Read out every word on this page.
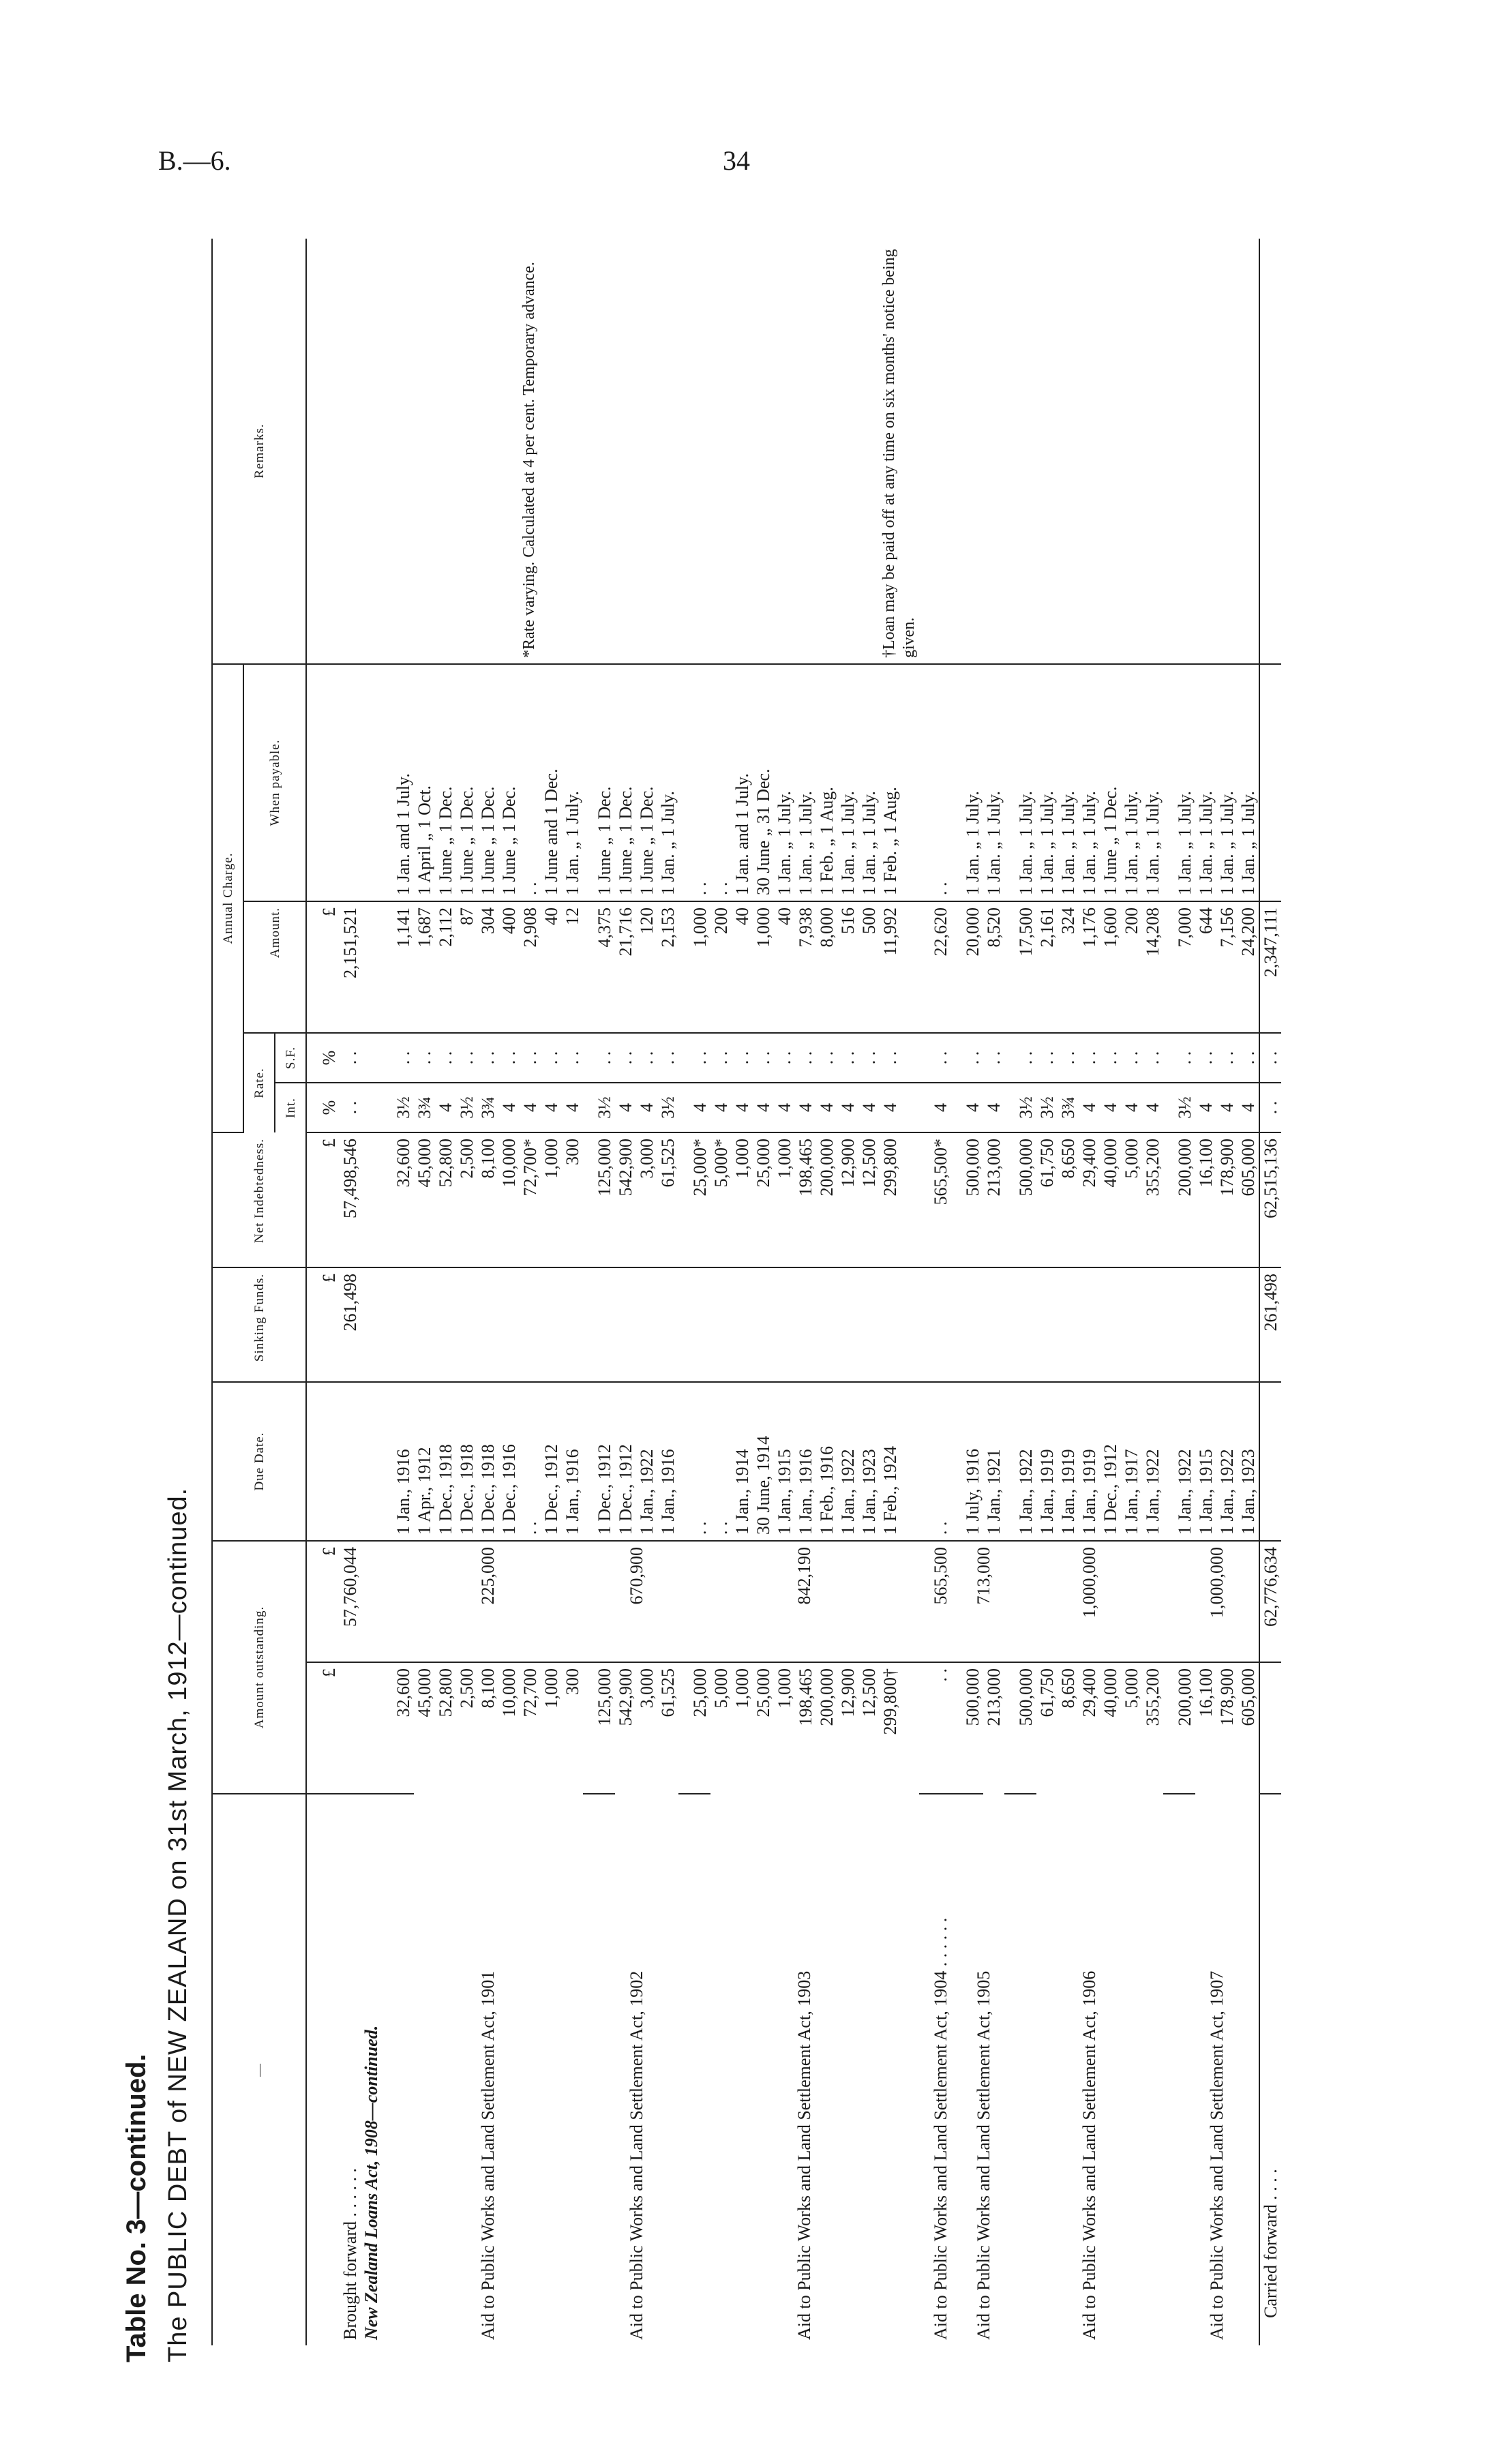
B.—6.	34
Table No. 3—continued. The PUBLIC DEBT of NEW ZEALAND on 31st March, 1912—continued.	—	Amount outstanding.		Due Date.	Sinking Funds.	Net Indebtedness.	Annual Charge.				Remarks.
						Rate.		Amount.	When payable.	
						Int.	S.F.			
	£	£		£	£	%	%	£		
Brought forward . . . . . .		57,760,044		261,498	57,498,546	. .	. .	2,151,521		
New Zealand Loans Act, 1908—continued.										

Aid to Public Works and Land Settlement Act, 1901	32,600	225,000	1 Jan., 1916		32,600	3½	. .	1,141	1 Jan. and 1 July.	
	45,000		1 Apr., 1912		45,000	3¾	. .	1,687	1 April „ 1 Oct.	
	52,800		1 Dec., 1918		52,800	4	. .	2,112	1 June „ 1 Dec.	
	2,500		1 Dec., 1918		2,500	3½	. .	87	1 June „ 1 Dec.	
	8,100		1 Dec., 1918		8,100	3¾	. .	304	1 June „ 1 Dec.	
	10,000		1 Dec., 1916		10,000	4	. .	400	1 June „ 1 Dec.	
	72,700		. .		72,700*	4	. .	2,908	. .	*Rate varying. Calculated at 4 per cent. Temporary advance.
	1,000		1 Dec., 1912		1,000	4	. .	40	1 June and 1 Dec.	
	300		1 Jan., 1916		300	4	. .	12	1 Jan. „ 1 July.	

Aid to Public Works and Land Settlement Act, 1902	125,000	670,900	1 Dec., 1912		125,000	3½	. .	4,375	1 June „ 1 Dec.	
	542,900		1 Dec., 1912		542,900	4	. .	21,716	1 June „ 1 Dec.	
	3,000		1 Jan., 1922		3,000	4	. .	120	1 June „ 1 Dec.	
	61,525		1 Jan., 1916		61,525	3½	. .	2,153	1 Jan. „ 1 July.	

Aid to Public Works and Land Settlement Act, 1903	25,000	842,190	. .		25,000*	4	. .	1,000	. .	
	5,000		. .		5,000*	4	. .	200	. .	
	1,000		1 Jan., 1914		1,000	4	. .	40	1 Jan. and 1 July.	
	25,000		30 June, 1914		25,000	4	. .	1,000	30 June „ 31 Dec.	
	1,000		1 Jan., 1915		1,000	4	. .	40	1 Jan. „ 1 July.	
	198,465		1 Jan., 1916		198,465	4	. .	7,938	1 Jan. „ 1 July.	
	200,000		1 Feb., 1916		200,000	4	. .	8,000	1 Feb. „ 1 Aug.	
	12,900		1 Jan., 1922		12,900	4	. .	516	1 Jan. „ 1 July.	
	12,500		1 Jan., 1923		12,500	4	. .	500	1 Jan. „ 1 July.	
	299,800†		1 Feb., 1924		299,800	4	. .	11,992	1 Feb. „ 1 Aug.	†Loan may be paid off at any time on six months' notice being given.

Aid to Public Works and Land Settlement Act, 1904 . . . . . .	. .	565,500	. .		565,500*	4	. .	22,620	. .	

Aid to Public Works and Land Settlement Act, 1905	500,000	713,000	1 July, 1916		500,000	4	. .	20,000	1 Jan. „ 1 July.	
	213,000		1 Jan., 1921		213,000	4	. .	8,520	1 Jan. „ 1 July.	

Aid to Public Works and Land Settlement Act, 1906	500,000	1,000,000	1 Jan., 1922		500,000	3½	. .	17,500	1 Jan. „ 1 July.	
	61,750		1 Jan., 1919		61,750	3½	. .	2,161	1 Jan. „ 1 July.	
	8,650		1 Jan., 1919		8,650	3¾	. .	324	1 Jan. „ 1 July.	
	29,400		1 Jan., 1919		29,400	4	. .	1,176	1 Jan. „ 1 July.	
	40,000		1 Dec., 1912		40,000	4	. .	1,600	1 June „ 1 Dec.	
	5,000		1 Jan., 1917		5,000	4	. .	200	1 Jan. „ 1 July.	
	355,200		1 Jan., 1922		355,200	4	. .	14,208	1 Jan. „ 1 July.	

Aid to Public Works and Land Settlement Act, 1907	200,000	1,000,000	1 Jan., 1922		200,000	3½	. .	7,000	1 Jan. „ 1 July.	
	16,100		1 Jan., 1915		16,100	4	. .	644	1 Jan. „ 1 July.	
	178,900		1 Jan., 1922		178,900	4	. .	7,156	1 Jan. „ 1 July.	
	605,000		1 Jan., 1923		605,000	4	. .	24,200	1 Jan. „ 1 July.	
Carried forward . . . .		62,776,634		261,498	62,515,136	. .	. .	2,347,111		
